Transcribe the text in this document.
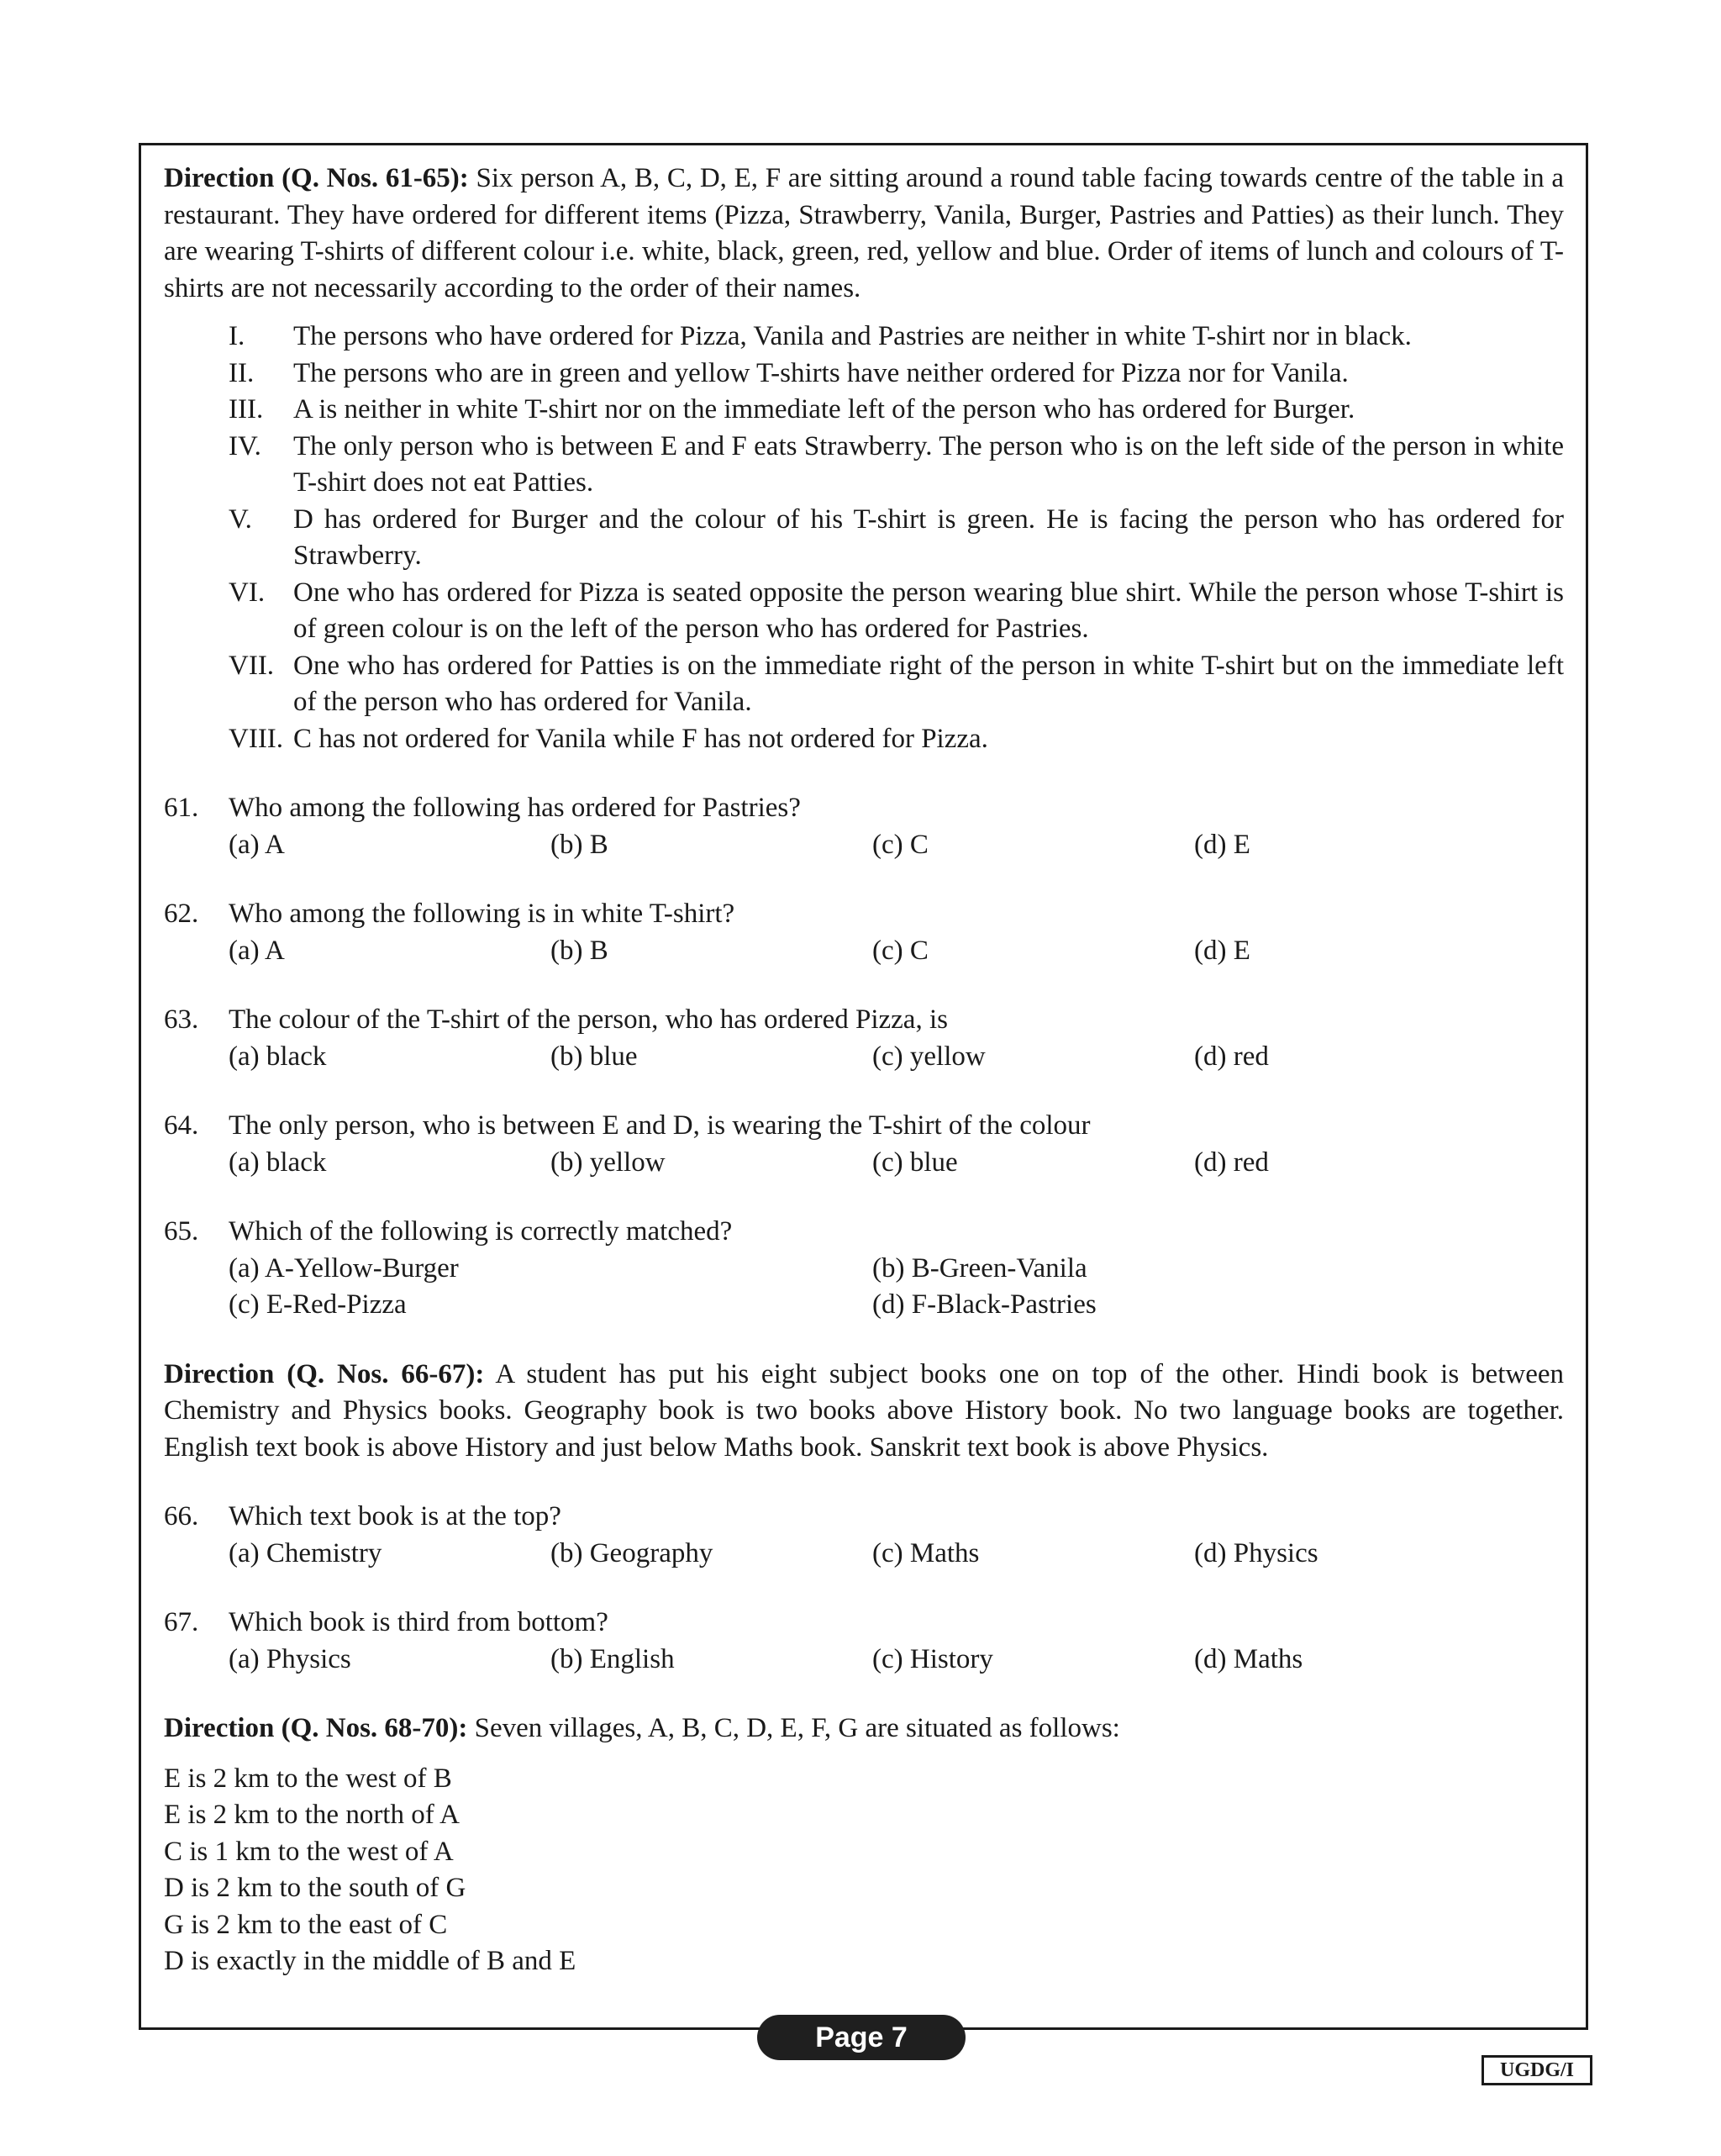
Direction (Q. Nos. 61-65): Six person A, B, C, D, E, F are sitting around a round table facing towards centre of the table in a restaurant. They have ordered for different items (Pizza, Strawberry, Vanila, Burger, Pastries and Patties) as their lunch. They are wearing T-shirts of different colour i.e. white, black, green, red, yellow and blue. Order of items of lunch and colours of T-shirts are not necessarily according to the order of their names.

I.	The persons who have ordered for Pizza, Vanila and Pastries are neither in white T-shirt nor in black.
II.	The persons who are in green and yellow T-shirts have neither ordered for Pizza nor for Vanila.
III.	A is neither in white T-shirt nor on the immediate left of the person who has ordered for Burger.
IV.	The only person who is between E and F eats Strawberry. The person who is on the left side of the person in white T-shirt does not eat Patties.
V.	D has ordered for Burger and the colour of his T-shirt is green. He is facing the person who has ordered for Strawberry.
VI.	One who has ordered for Pizza is seated opposite the person wearing blue shirt. While the person whose T-shirt is of green colour is on the left of the person who has ordered for Pastries.
VII. One who has ordered for Patties is on the immediate right of the person in white T-shirt but on the immediate left of the person who has ordered for Vanila.
VIII. C has not ordered for Vanila while F has not ordered for Pizza.
61.	Who among the following has ordered for Pastries?
(a) A	(b) B	(c) C	(d) E
62.	Who among the following is in white T-shirt?
(a) A	(b) B	(c) C	(d) E
63.	The colour of the T-shirt of the person, who has ordered Pizza, is
(a) black	(b) blue	(c) yellow	(d) red
64.	The only person, who is between E and D, is wearing the T-shirt of the colour
(a) black	(b) yellow	(c) blue	(d) red
65.	Which of the following is correctly matched?
(a) A-Yellow-Burger	(b) B-Green-Vanila
(c) E-Red-Pizza	(d) F-Black-Pastries

Direction (Q. Nos. 66-67): A student has put his eight subject books one on top of the other. Hindi book is between Chemistry and Physics books. Geography book is two books above History book. No two language books are together. English text book is above History and just below Maths book. Sanskrit text book is above Physics.

66.	Which text book is at the top?
(a) Chemistry	(b) Geography	(c) Maths	(d) Physics
67.	Which book is third from bottom?
(a) Physics	(b) English	(c) History	(d) Maths

Direction (Q. Nos. 68-70): Seven villages, A, B, C, D, E, F, G are situated as follows:

E is 2 km to the west of B
E is 2 km to the north of A
C is 1 km to the west of A
D is 2 km to the south of G
G is 2 km to the east of C
D is exactly in the middle of B and E
Page 7
UGDG/I
